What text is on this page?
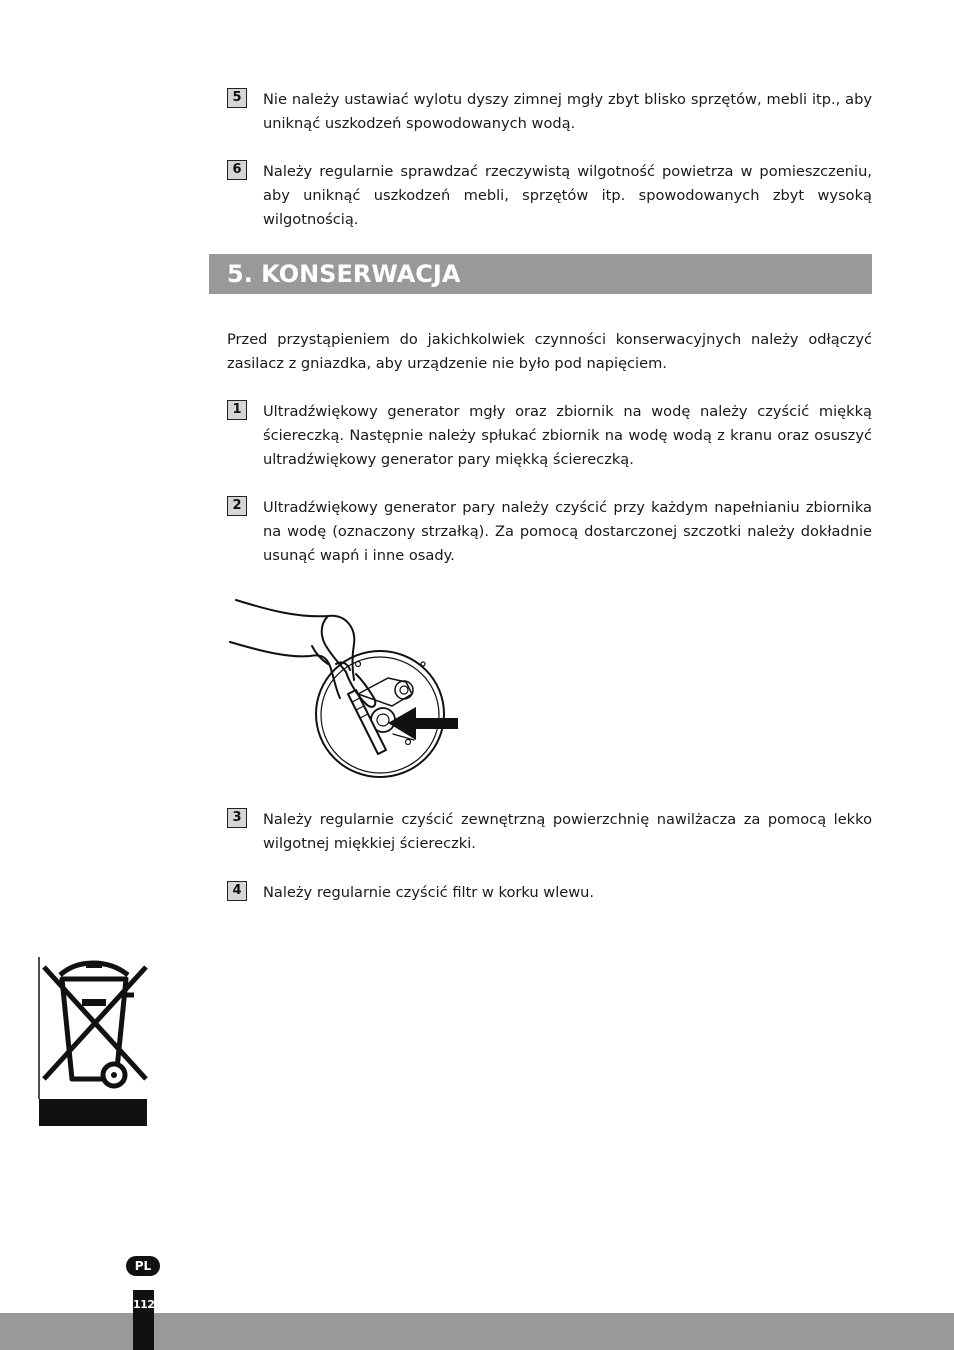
5	Nie należy ustawiać wylotu dyszy zimnej mgły zbyt blisko sprzętów, mebli itp., aby uniknąć uszkodzeń spowodowanych wodą.
6	Należy regularnie sprawdzać rzeczywistą wilgotność powietrza w pomieszczeniu, aby uniknąć uszkodzeń mebli, sprzętów itp. spowodowanych zbyt wysoką wilgotnością.
5. KONSERWACJA
Przed przystąpieniem do jakichkolwiek czynności konserwacyjnych należy odłączyć zasilacz z gniazdka, aby urządzenie nie było pod napięciem.
1	Ultradźwiękowy generator mgły oraz zbiornik na wodę należy czyścić miękką ściereczką. Następnie należy spłukać zbiornik na wodę wodą z kranu oraz osuszyć ultradźwiękowy generator pary miękką ściereczką.
2	Ultradźwiękowy generator pary należy czyścić przy każdym napełnianiu zbiornika na wodę (oznaczony strzałką). Za pomocą dostarczonej szczotki należy dokładnie usunąć wapń i inne osady.
3	Należy regularnie czyścić zewnętrzną powierzchnię nawilżacza za pomocą lekko wilgotnej miękkiej ściereczki.
4	Należy regularnie czyścić filtr w korku wlewu.
PL
112
